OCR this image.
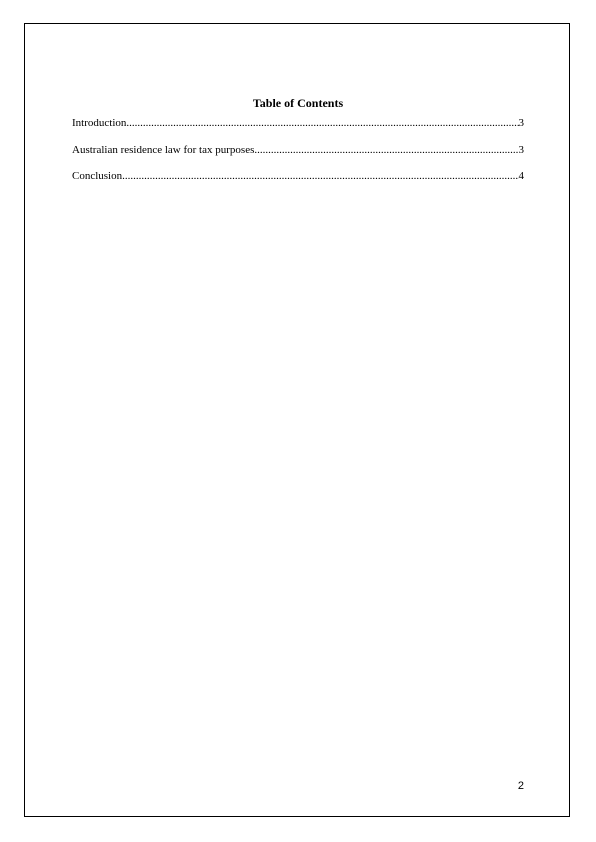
Table of Contents
Introduction .....	3
Australian residence law for tax purposes .....	3
Conclusion .....	4
2
